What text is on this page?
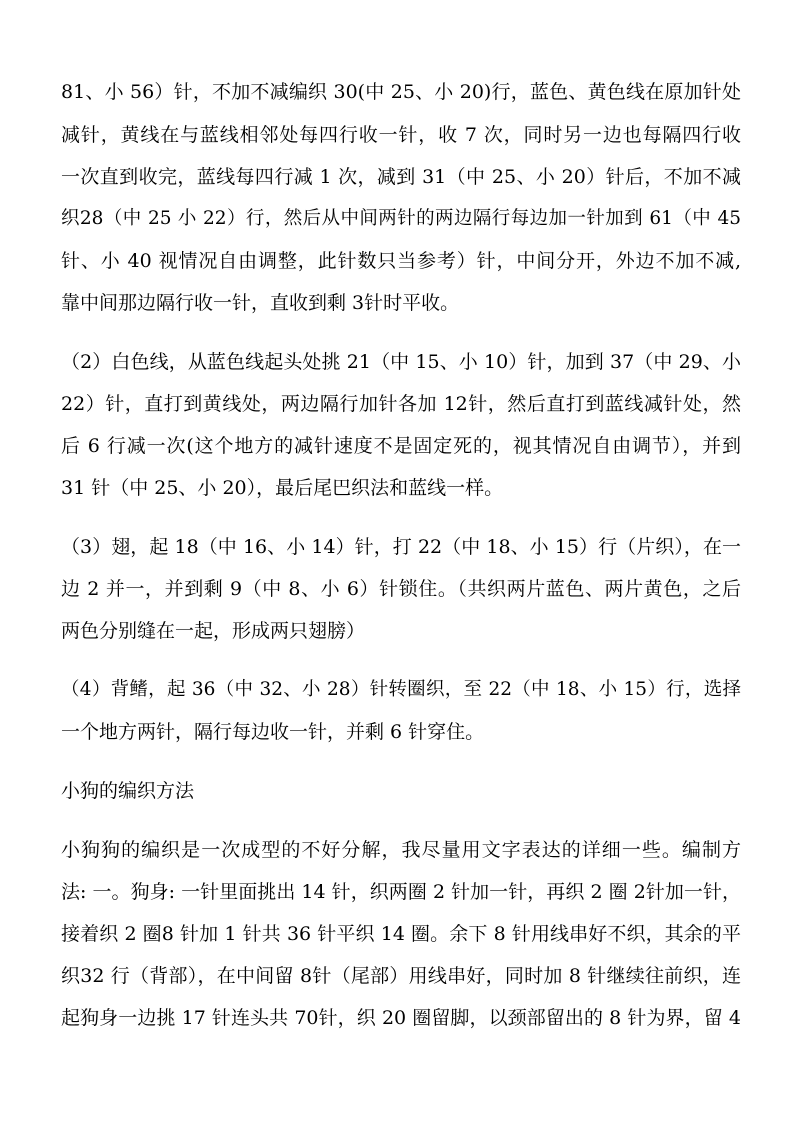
81、小 56）针，不加不减编织 30(中 25、小 20)行，蓝色、黄色线在原加针处
减针，黄线在与蓝线相邻处每四行收一针，收 7 次，同时另一边也每隔四行收
一次直到收完，蓝线每四行减 1 次，减到 31（中 25、小 20）针后，不加不减
织28（中 25 小 22）行，然后从中间两针的两边隔行每边加一针加到 61（中 45
针、小 40 视情况自由调整，此针数只当参考）针，中间分开，外边不加不减,
靠中间那边隔行收一针，直收到剩 3针时平收。
（2）白色线，从蓝色线起头处挑 21（中 15、小 10）针，加到 37（中 29、小
22）针，直打到黄线处，两边隔行加针各加 12针，然后直打到蓝线减针处，然
后 6 行减一次(这个地方的减针速度不是固定死的，视其情况自由调节），并到
31 针（中 25、小 20），最后尾巴织法和蓝线一样。
（3）翅，起 18（中 16、小 14）针，打 22（中 18、小 15）行（片织），在一
边 2 并一，并到剩 9（中 8、小 6）针锁住。（共织两片蓝色、两片黄色，之后
两色分别缝在一起，形成两只翅膀）
（4）背鳍，起 36（中 32、小 28）针转圈织，至 22（中 18、小 15）行，选择
一个地方两针，隔行每边收一针，并剩 6 针穿住。
小狗的编织方法
小狗狗的编织是一次成型的不好分解，我尽量用文字表达的详细一些。编制方
法: 一。狗身: 一针里面挑出 14 针，织两圈 2 针加一针，再织 2 圈 2针加一针，
接着织 2 圈8 针加 1 针共 36 针平织 14 圈。余下 8 针用线串好不织，其余的平
织32 行（背部），在中间留 8针（尾部）用线串好，同时加 8 针继续往前织，连
起狗身一边挑 17 针连头共 70针，织 20 圈留脚，以颈部留出的 8 针为界，留 4
